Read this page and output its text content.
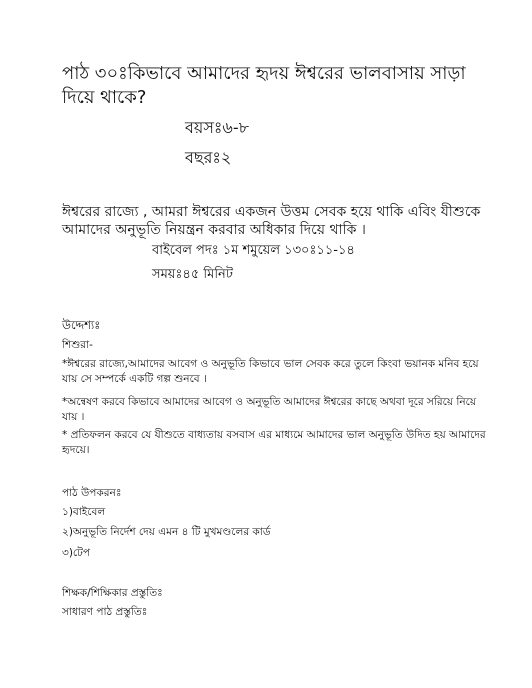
পাঠ ৩০ঃকিভাবে আমাদের হৃদয় ঈশ্বরের ভালবাসায় সাড়া দিয়ে থাকে?
বয়সঃ৬-৮
বছরঃ২
ঈশ্বরের রাজ্যে , আমরা ঈশ্বরের একজন উত্তম সেবক হয়ে থাকি এবিং যীশুকে আমাদের অনুভূতি নিয়ন্ত্রন করবার অধিকার দিয়ে থাকি ।
বাইবেল পদঃ ১ম শমুয়েল ১৩০ঃ১১-১৪
সময়ঃ৪৫ মিনিট
উদ্দেশ্যঃ
শিশুরা-
*ঈশ্বরের রাজ্যে,আমাদের আবেগ ও অনুভূতি কিভাবে ভাল সেবক করে তুলে কিংবা ভয়ানক মনিব হয়ে যায় সে সম্পর্কে একটি গল্প শুনবে ।
*অন্বেষণ করবে কিভাবে আমাদের আবেগ ও অনুভূতি আমাদের ঈশ্বরের কাছে অথবা দূরে সরিয়ে নিয়ে যায় ।
* প্রতিফলন করবে যে যীশুতে বাধ্যতায় বসবাস এর মাধ্যমে আমাদের ভাল অনুভূতি উদিত হয় আমাদের হৃদয়ে।
পাঠ উপকরনঃ
১)বাইবেল
২)অনুভূতি নির্দেশ দেয় এমন ৪ টি মুখমণ্ডলের কার্ড
৩)টেপ
শিক্ষক/শিক্ষিকার প্রস্তুতিঃ
সাধারণ পাঠ প্রস্তুতিঃ
